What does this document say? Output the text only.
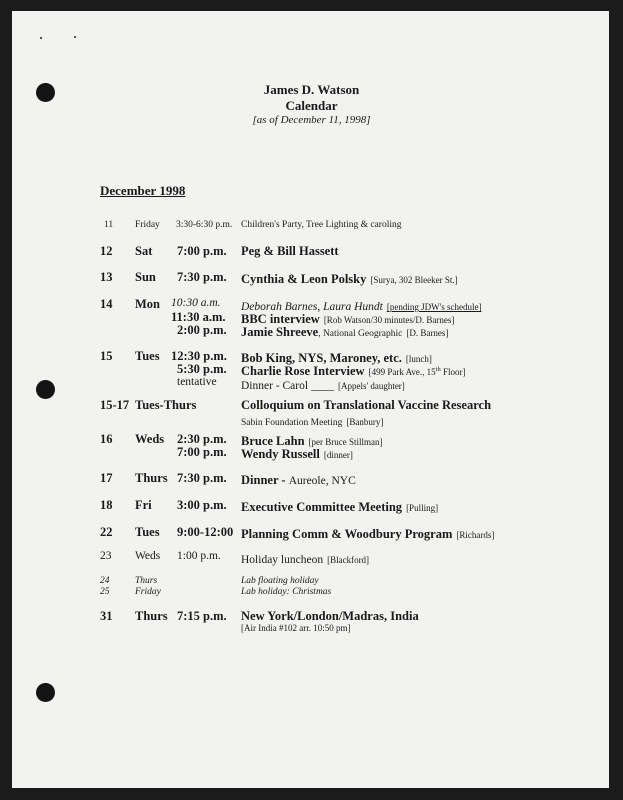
James D. Watson
Calendar
[as of December 11, 1998]
December 1998
11 Friday 3:30-6:30 p.m. Children's Party, Tree Lighting & caroling
12 Sat 7:00 p.m. Peg & Bill Hassett
13 Sun 7:30 p.m. Cynthia & Leon Polsky [Surya, 302 Bleeker St.]
14 Mon 10:30 a.m. Deborah Barnes, Laura Hundt [pending JDW's schedule]
11:30 a.m. BBC interview [Rob Watson/30 minutes/D. Barnes]
2:00 p.m. Jamie Shreeve, National Geographic [D. Barnes]
15 Tues 12:30 p.m. Bob King, NYS, Maroney, etc. [lunch]
5:30 p.m. Charlie Rose Interview [499 Park Ave., 15th Floor]
tentative Dinner - Carol ____ [Appels' daughter]
15-17 Tues-Thurs	Colloquium on Translational Vaccine Research
Sabin Foundation Meeting [Banbury]
16 Weds 2:30 p.m. Bruce Lahn [per Bruce Stillman]
7:00 p.m. Wendy Russell [dinner]
17 Thurs 7:30 p.m. Dinner - Aureole, NYC
18 Fri 3:00 p.m. Executive Committee Meeting [Pulling]
22 Tues 9:00-12:00 Planning Comm & Woodbury Program [Richards]
23 Weds 1:00 p.m. Holiday luncheon [Blackford]
24	Thurs	Lab floating holiday
25	Friday	Lab holiday: Christmas
31 Thurs 7:15 p.m. New York/London/Madras, India
[Air India #102 arr. 10:50 pm]
